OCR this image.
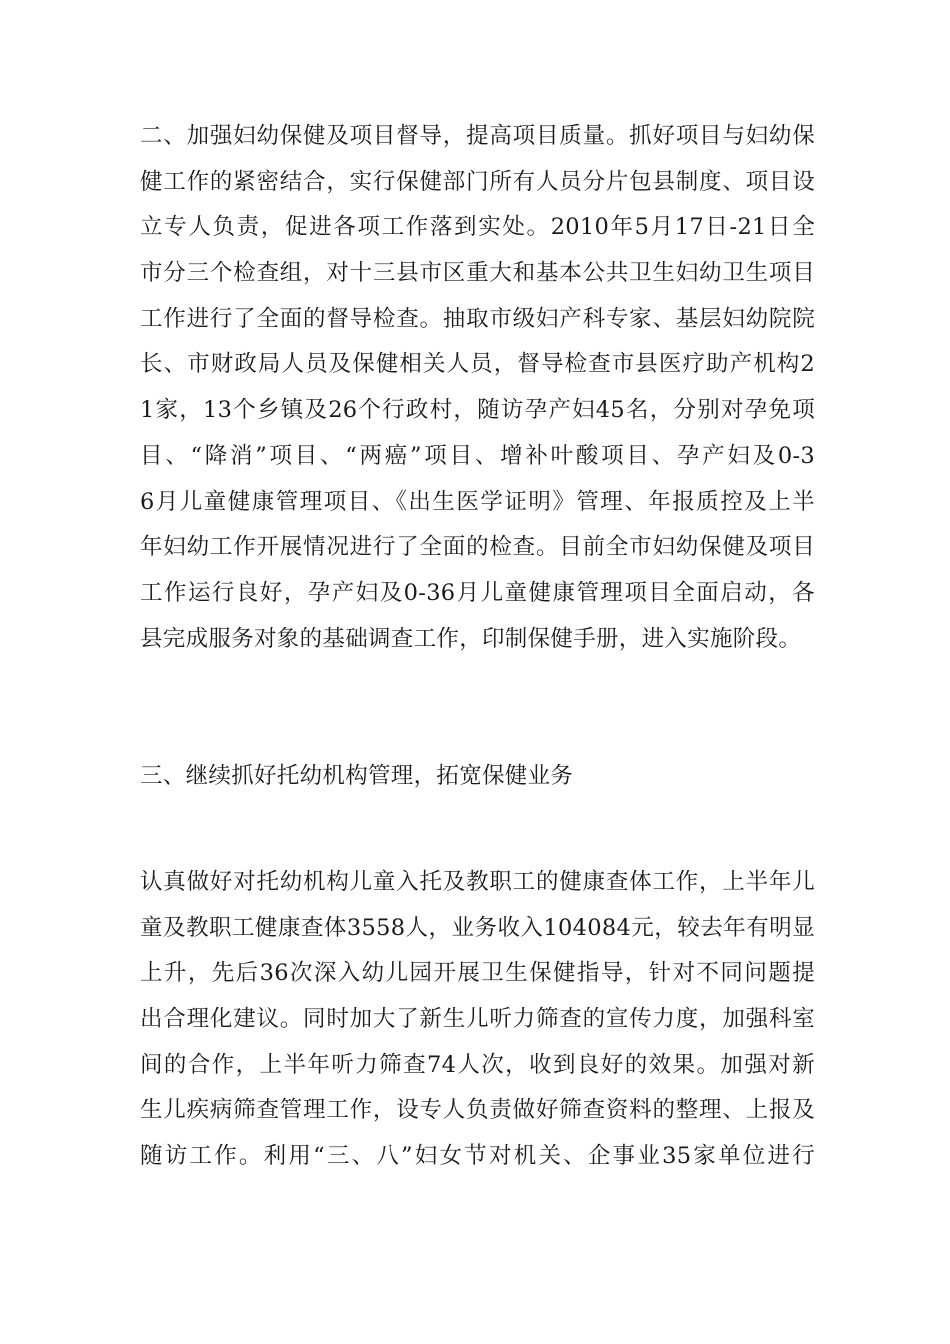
二、加强妇幼保健及项目督导，提高项目质量。抓好项目与妇幼保
健工作的紧密结合，实行保健部门所有人员分片包县制度、项目设
立专人负责，促进各项工作落到实处。2010年5月17日-21日全
市分三个检查组，对十三县市区重大和基本公共卫生妇幼卫生项目
工作进行了全面的督导检查。抽取市级妇产科专家、基层妇幼院院
长、市财政局人员及保健相关人员，督导检查市县医疗助产机构2
1家，13个乡镇及26个行政村，随访孕产妇45名，分别对孕免项
目、“降消”项目、“两癌”项目、增补叶酸项目、孕产妇及0-3
6月儿童健康管理项目、《出生医学证明》管理、年报质控及上半
年妇幼工作开展情况进行了全面的检查。目前全市妇幼保健及项目
工作运行良好，孕产妇及0-36月儿童健康管理项目全面启动，各
县完成服务对象的基础调查工作，印制保健手册，进入实施阶段。
三、继续抓好托幼机构管理，拓宽保健业务
认真做好对托幼机构儿童入托及教职工的健康查体工作，上半年儿
童及教职工健康查体3558人，业务收入104084元，较去年有明显
上升，先后36次深入幼儿园开展卫生保健指导，针对不同问题提
出合理化建议。同时加大了新生儿听力筛查的宣传力度，加强科室
间的合作，上半年听力筛查74人次，收到良好的效果。加强对新
生儿疾病筛查管理工作，设专人负责做好筛查资料的整理、上报及
随访工作。利用“三、八”妇女节对机关、企事业35家单位进行
